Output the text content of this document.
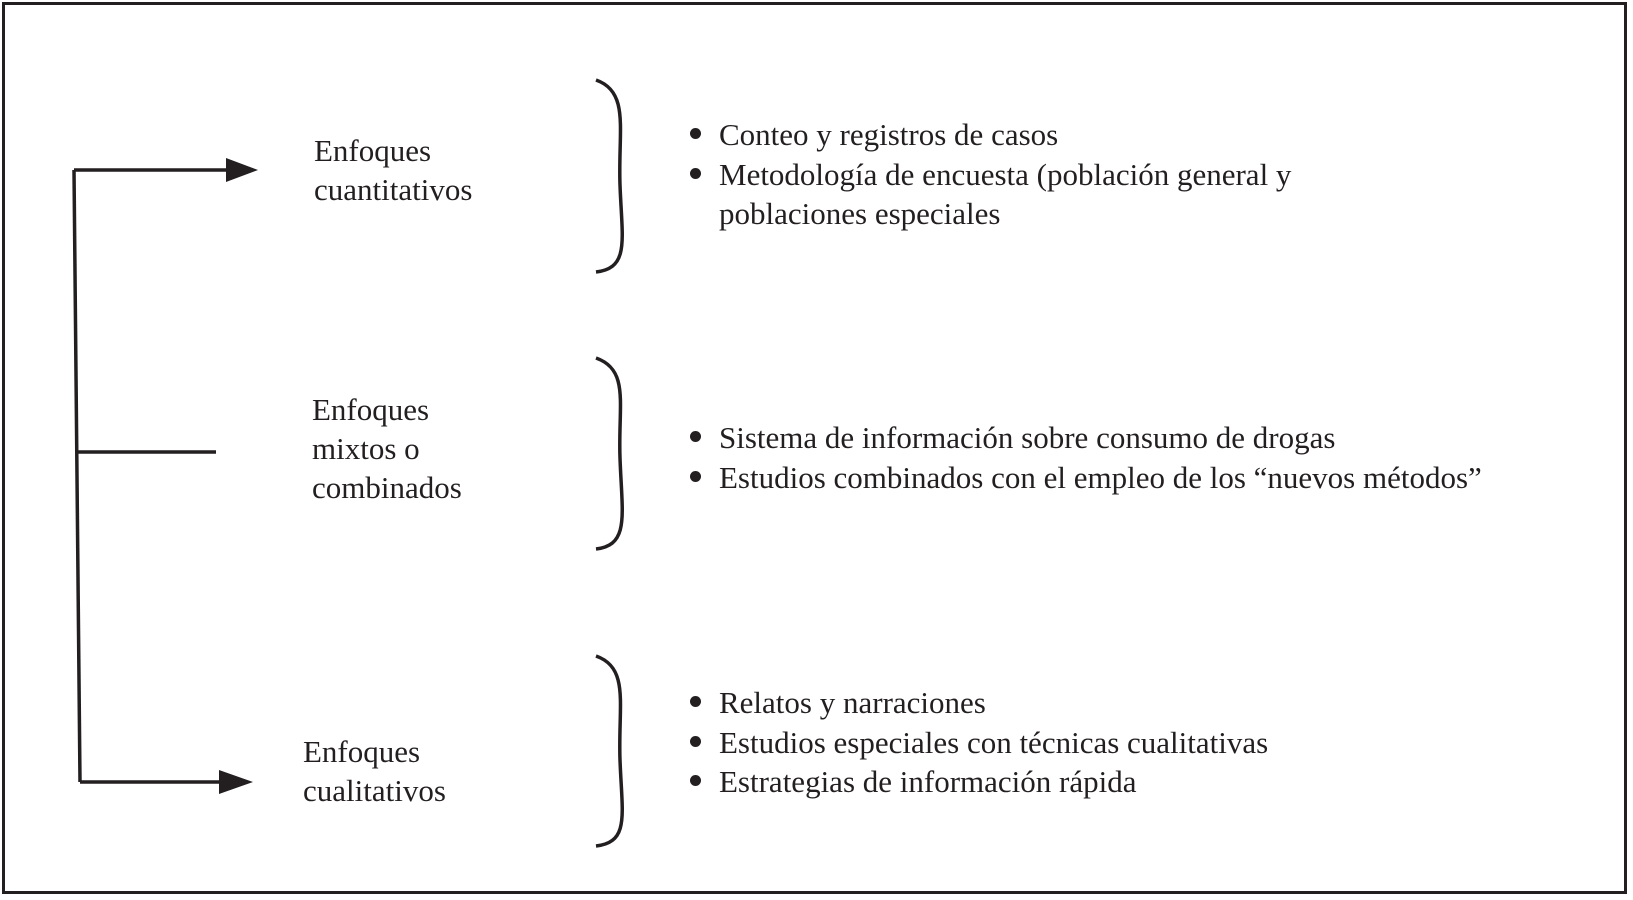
Enfoques
cuantitativos
Enfoques
mixtos o
combinados
Enfoques
cualitativos
Conteo y registros de casos
Metodología de encuesta (población general y
poblaciones especiales
Sistema de información sobre consumo de drogas
Estudios combinados con el empleo de los “nuevos métodos”
Relatos y narraciones
Estudios especiales con técnicas cualitativas
Estrategias de información rápida
